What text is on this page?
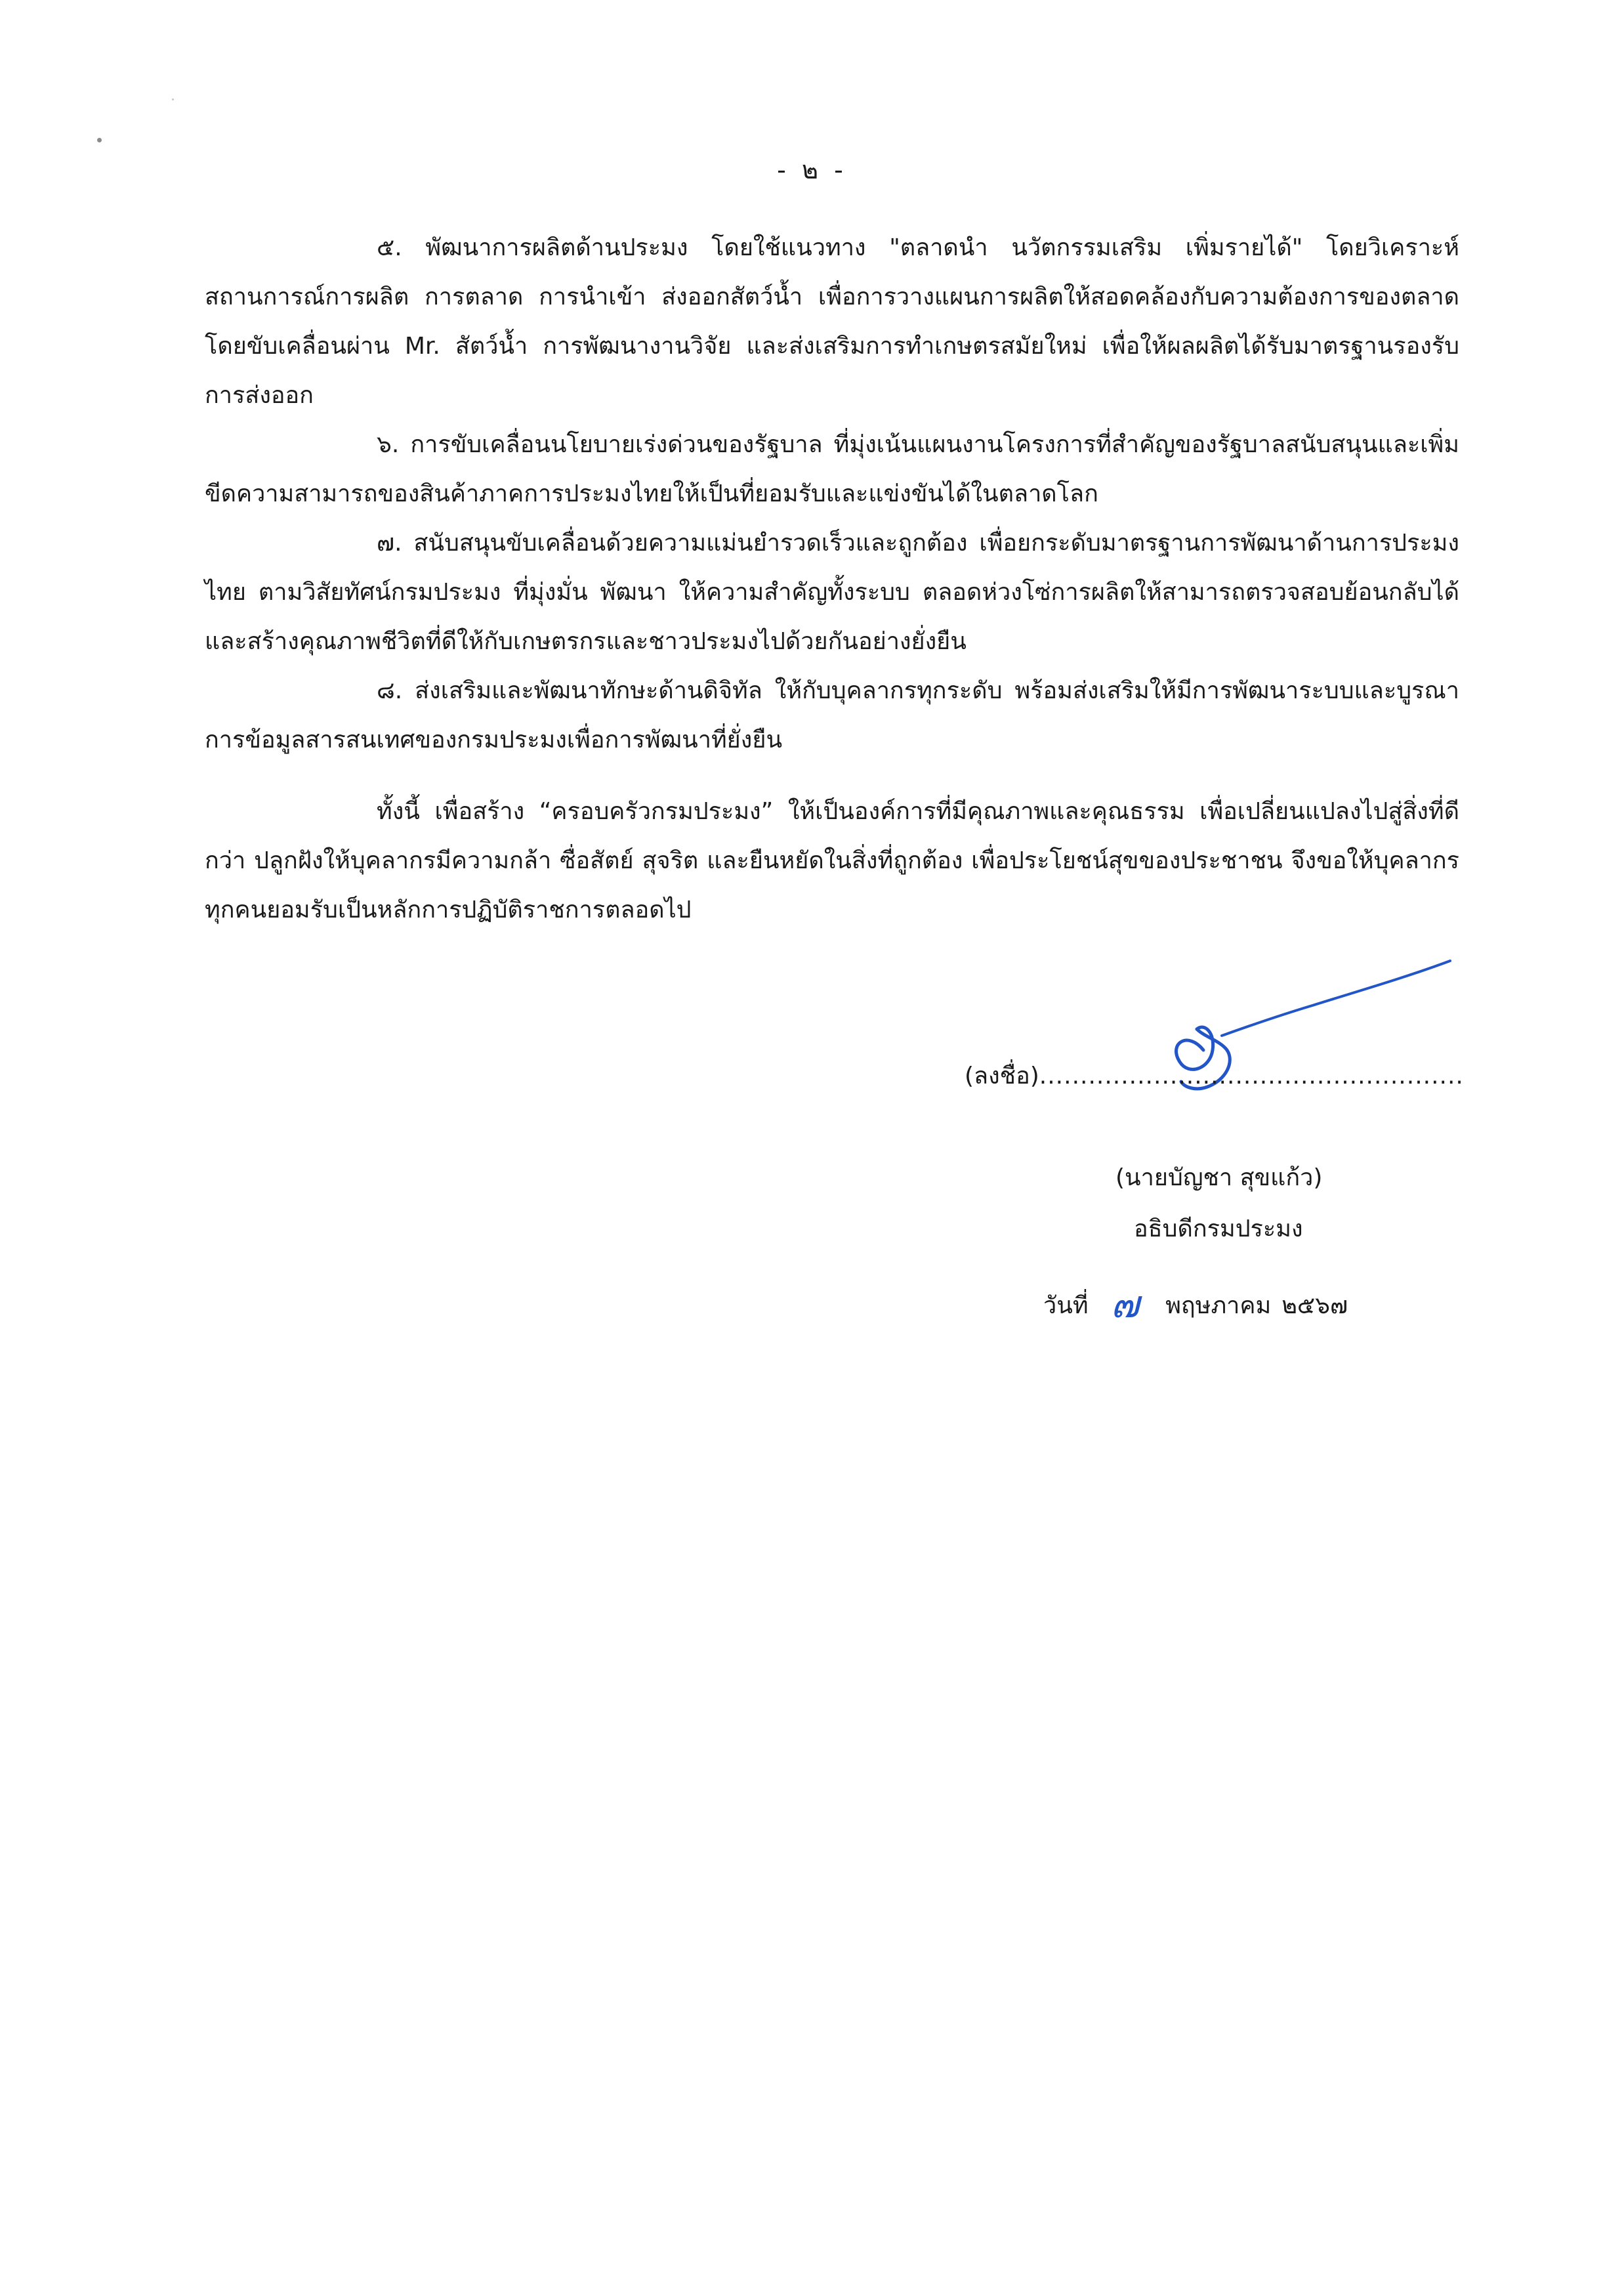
- ๒ -

๕. พัฒนาการผลิตด้านประมง โดยใช้แนวทาง "ตลาดนำ นวัตกรรมเสริม เพิ่มรายได้" โดยวิเคราะห์สถานการณ์การผลิต การตลาด การนำเข้า ส่งออกสัตว์น้ำ เพื่อการวางแผนการผลิตให้สอดคล้องกับความต้องการของตลาด โดยขับเคลื่อนผ่าน Mr. สัตว์น้ำ การพัฒนางานวิจัย และส่งเสริมการทำเกษตรสมัยใหม่ เพื่อให้ผลผลิตได้รับมาตรฐานรองรับการส่งออก

๖. การขับเคลื่อนนโยบายเร่งด่วนของรัฐบาล ที่มุ่งเน้นแผนงานโครงการที่สำคัญของรัฐบาลสนับสนุนและเพิ่มขีดความสามารถของสินค้าภาคการประมงไทยให้เป็นที่ยอมรับและแข่งขันได้ในตลาดโลก

๗. สนับสนุนขับเคลื่อนด้วยความแม่นยำรวดเร็วและถูกต้อง เพื่อยกระดับมาตรฐานการพัฒนาด้านการประมงไทย ตามวิสัยทัศน์กรมประมง ที่มุ่งมั่น พัฒนา ให้ความสำคัญทั้งระบบ ตลอดห่วงโซ่การผลิตให้สามารถตรวจสอบย้อนกลับได้ และสร้างคุณภาพชีวิตที่ดีให้กับเกษตรกรและชาวประมงไปด้วยกันอย่างยั่งยืน

๘. ส่งเสริมและพัฒนาทักษะด้านดิจิทัล ให้กับบุคลากรทุกระดับ พร้อมส่งเสริมให้มีการพัฒนาระบบและบูรณาการข้อมูลสารสนเทศของกรมประมงเพื่อการพัฒนาที่ยั่งยืน

ทั้งนี้ เพื่อสร้าง “ครอบครัวกรมประมง” ให้เป็นองค์การที่มีคุณภาพและคุณธรรม เพื่อเปลี่ยนแปลงไปสู่สิ่งที่ดีกว่า ปลูกฝังให้บุคลากรมีความกล้า ซื่อสัตย์ สุจริต และยืนหยัดในสิ่งที่ถูกต้อง เพื่อประโยชน์สุขของประชาชน จึงขอให้บุคลากรทุกคนยอมรับเป็นหลักการปฏิบัติราชการตลอดไป

(ลงชื่อ)....................................................
(นายบัญชา สุขแก้ว)
อธิบดีกรมประมง
วันที่ ๗ พฤษภาคม ๒๕๖๗
